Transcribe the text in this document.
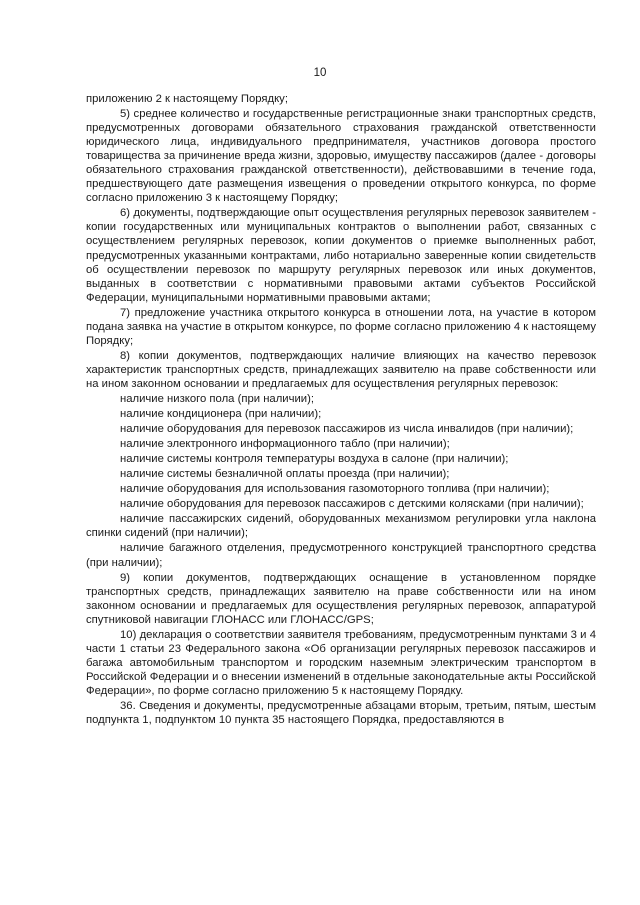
10

приложению 2 к настоящему Порядку;

5) среднее количество и государственные регистрационные знаки транспортных средств, предусмотренных договорами обязательного страхования гражданской ответственности юридического лица, индивидуального предпринимателя, участников договора простого товарищества за причинение вреда жизни, здоровью, имуществу пассажиров (далее - договоры обязательного страхования гражданской ответственности), действовавшими в течение года, предшествующего дате размещения извещения о проведении открытого конкурса, по форме согласно приложению 3 к настоящему Порядку;

6) документы, подтверждающие опыт осуществления регулярных перевозок заявителем - копии государственных или муниципальных контрактов о выполнении работ, связанных с осуществлением регулярных перевозок, копии документов о приемке выполненных работ, предусмотренных указанными контрактами, либо нотариально заверенные копии свидетельств об осуществлении перевозок по маршруту регулярных перевозок или иных документов, выданных в соответствии с нормативными правовыми актами субъектов Российской Федерации, муниципальными нормативными правовыми актами;

7) предложение участника открытого конкурса в отношении лота, на участие в котором подана заявка на участие в открытом конкурсе, по форме согласно приложению 4 к настоящему Порядку;

8) копии документов, подтверждающих наличие влияющих на качество перевозок характеристик транспортных средств, принадлежащих заявителю на праве собственности или на ином законном основании и предлагаемых для осуществления регулярных перевозок:

наличие низкого пола (при наличии);

наличие кондиционера (при наличии);

наличие оборудования для перевозок пассажиров из числа инвалидов (при наличии);

наличие электронного информационного табло (при наличии);

наличие системы контроля температуры воздуха в салоне (при наличии);

наличие системы безналичной оплаты проезда (при наличии);

наличие оборудования для использования газомоторного топлива (при наличии);

наличие оборудования для перевозок пассажиров с детскими колясками (при наличии);

наличие пассажирских сидений, оборудованных механизмом регулировки угла наклона спинки сидений (при наличии);

наличие багажного отделения, предусмотренного конструкцией транспортного средства (при наличии);

9) копии документов, подтверждающих оснащение в установленном порядке транспортных средств, принадлежащих заявителю на праве собственности или на ином законном основании и предлагаемых для осуществления регулярных перевозок, аппаратурой спутниковой навигации ГЛОНАСС или ГЛОНАСС/GPS;

10) декларация о соответствии заявителя требованиям, предусмотренным пунктами 3 и 4 части 1 статьи 23 Федерального закона «Об организации регулярных перевозок пассажиров и багажа автомобильным транспортом и городским наземным электрическим транспортом в Российской Федерации и о внесении изменений в отдельные законодательные акты Российской Федерации», по форме согласно приложению 5 к настоящему Порядку.

36. Сведения и документы, предусмотренные абзацами вторым, третьим, пятым, шестым подпункта 1, подпунктом 10 пункта 35 настоящего Порядка, предоставляются в
